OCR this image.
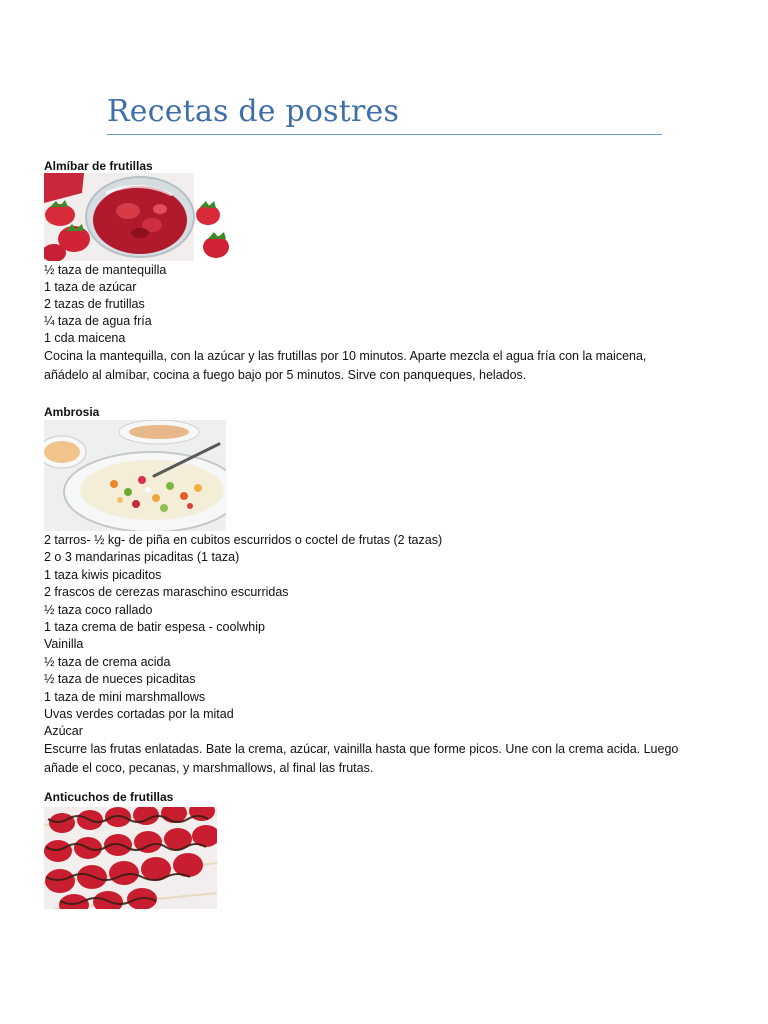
Recetas de postres
Almíbar de frutillas
½ taza de mantequilla
1 taza de azúcar
2 tazas de frutillas
¼ taza de agua fría
1 cda maicena
Cocina la mantequilla, con la azúcar y las frutillas por 10 minutos. Aparte mezcla el agua fría con la maicena, añádelo al almíbar, cocina a fuego bajo por 5 minutos. Sirve con panqueques, helados.
Ambrosia
2 tarros- ½ kg- de piña en cubitos escurridos o coctel de frutas (2 tazas)
2 o 3 mandarinas picaditas (1 taza)
1 taza kiwis picaditos
2 frascos de cerezas maraschino escurridas
½ taza coco rallado
1 taza crema de batir espesa - coolwhip
Vainilla
½ taza de crema acida
½ taza de nueces picaditas
1 taza de mini marshmallows
Uvas verdes cortadas por la mitad
Azúcar
Escurre las frutas enlatadas. Bate la crema, azúcar, vainilla hasta que forme picos. Une con la crema acida. Luego añade el coco, pecanas, y marshmallows, al final las frutas.
Anticuchos de frutillas
